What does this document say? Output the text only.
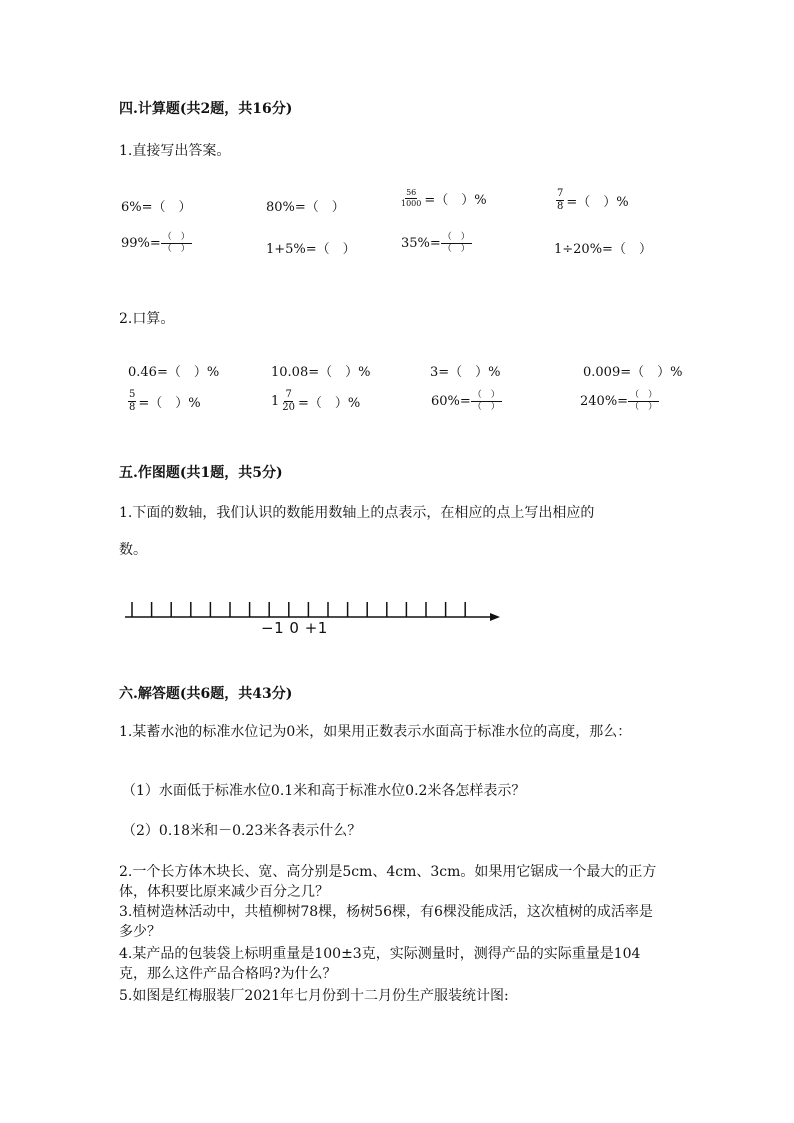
四.计算题(共2题，共16分)
1.直接写出答案。
6%=（　）	80%=（　）	$\frac{56}{1000}$ =（　）%	$\frac{7}{8}$ =（　）%
$99\%= \frac{( )}{( )}$	1+5%=（　）	$35\%= \frac{( )}{( )}$	1÷20%=（　）
2.口算。
0.46=（　）%	10.08=（　）%	3=（　）%	0.009=（　）%
$\frac{5}{8}$ =（　）%	$1 \frac{7}{20}$ =（　）%	$60\%= \frac{( )}{( )}$	$240\%= \frac{( )}{( )}$
五.作图题(共1题，共5分)
1.下面的数轴，我们认识的数能用数轴上的点表示，在相应的点上写出相应的
数。
−1 0 +1
六.解答题(共6题，共43分)
1.某蓄水池的标准水位记为0米，如果用正数表示水面高于标准水位的高度，那么：
（1）水面低于标准水位0.1米和高于标准水位0.2米各怎样表示？
（2）0.18米和－0.23米各表示什么？
2.一个长方体木块长、宽、高分别是5cm、4cm、3cm。如果用它锯成一个最大的正方体，体积要比原来减少百分之几？
3.植树造林活动中，共植柳树78棵，杨树56棵，有6棵没能成活，这次植树的成活率是多少？
4.某产品的包装袋上标明重量是100±3克，实际测量时，测得产品的实际重量是104克，那么这件产品合格吗?为什么？
5.如图是红梅服装厂2021年七月份到十二月份生产服装统计图:
